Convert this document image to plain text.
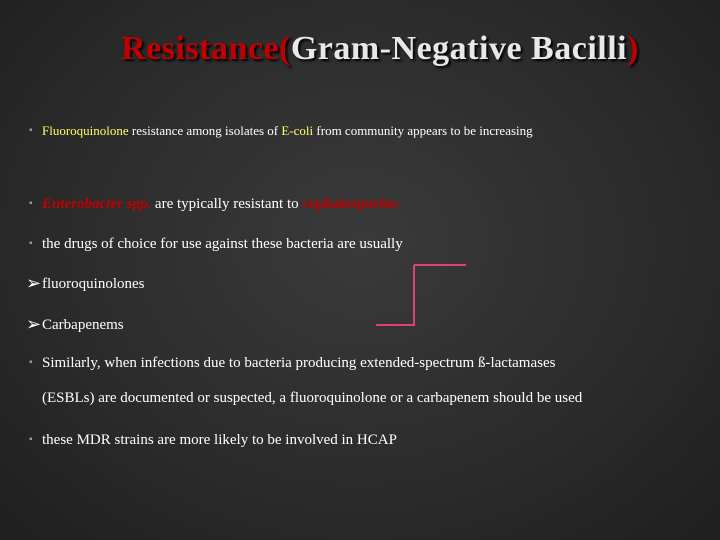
Resistance(Gram-Negative Bacilli)
▪ Fluoroquinolone resistance among isolates of E-coli from community appears to be increasing
▪ Enterobacter spp. are typically resistant to cephalosporins
▪ the drugs of choice for use against these bacteria are usually
➢ fluoroquinolones
➢ Carbapenems
▪ Similarly, when infections due to bacteria producing extended-spectrum ß-lactamases
(ESBLs) are documented or suspected, a fluoroquinolone or a carbapenem should be used
▪ these MDR strains are more likely to be involved in HCAP
